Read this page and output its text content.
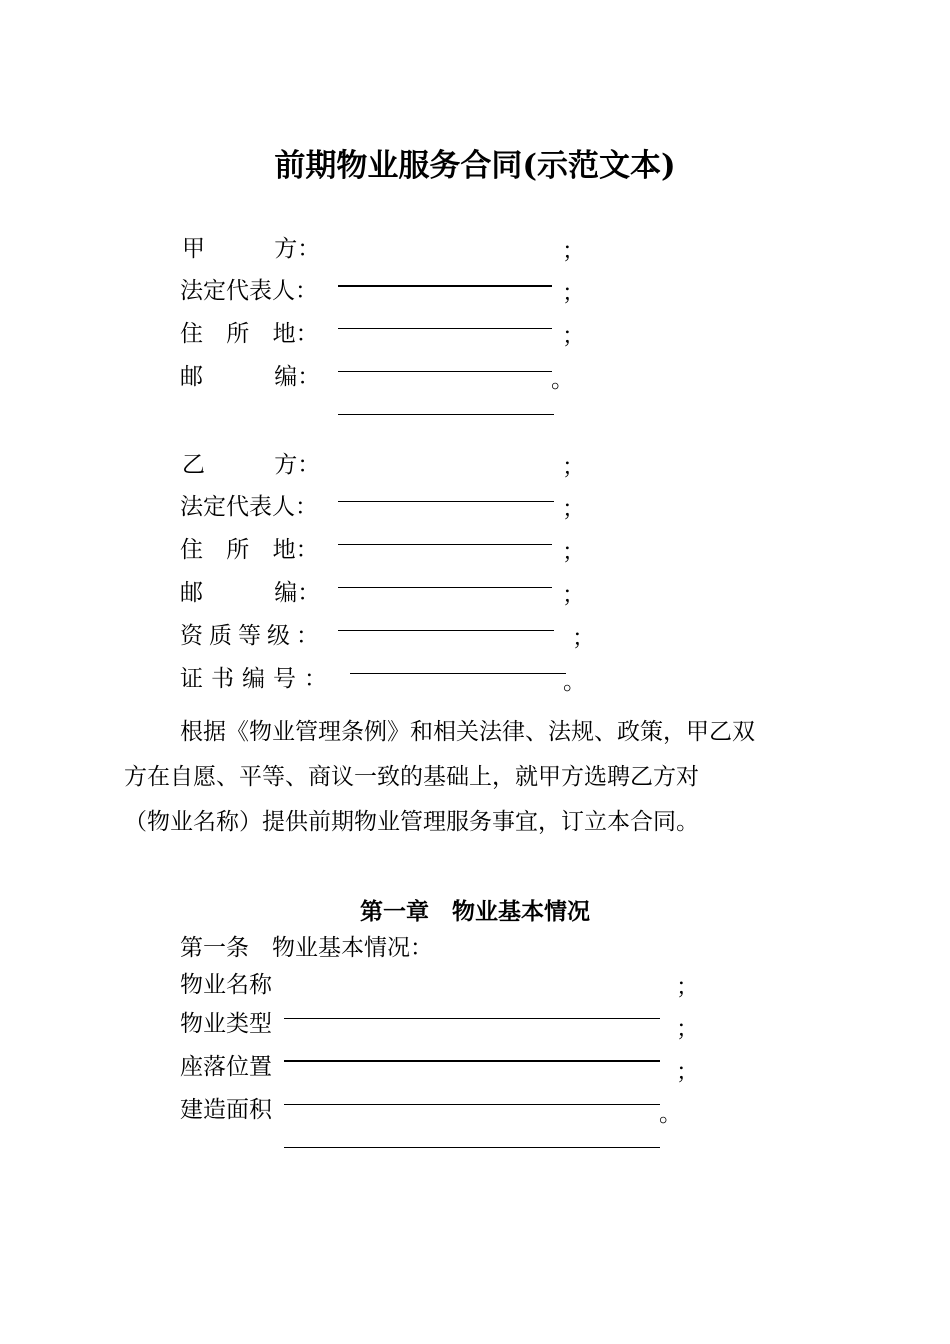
前期物业服务合同(示范文本)
甲 方：	；
法定代表人：	；
住 所 地：	；
邮 编：	。
乙 方：	；
法定代表人：	；
住 所 地：	；
邮 编：	；
资质等级：	；
证书编号：	。
根据《物业管理条例》和相关法律、法规、政策，甲乙双
方在自愿、平等、商议一致的基础上，就甲方选聘乙方对
（物业名称）提供前期物业管理服务事宜，订立本合同。
第一章　物业基本情况
第一条　物业基本情况：
物业名称	；
物业类型	；
座落位置	；
建造面积	。
